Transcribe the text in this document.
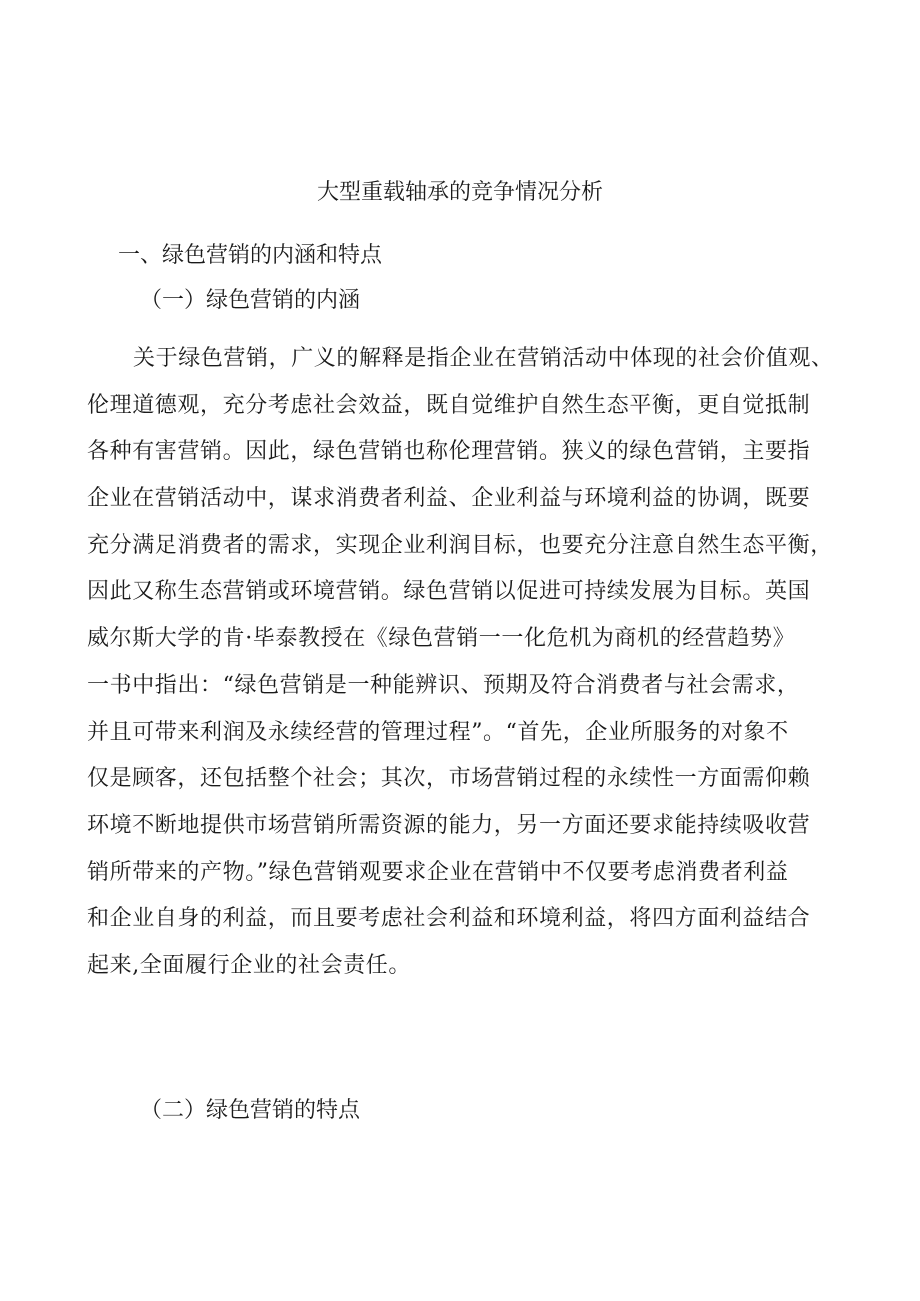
大型重载轴承的竞争情况分析
一、绿色营销的内涵和特点
（一）绿色营销的内涵
关于绿色营销，广义的解释是指企业在营销活动中体现的社会价值观、
伦理道德观，充分考虑社会效益，既自觉维护自然生态平衡，更自觉抵制
各种有害营销。因此，绿色营销也称伦理营销。狭义的绿色营销，主要指
企业在营销活动中，谋求消费者利益、企业利益与环境利益的协调，既要
充分满足消费者的需求，实现企业利润目标，也要充分注意自然生态平衡，
因此又称生态营销或环境营销。绿色营销以促进可持续发展为目标。英国
威尔斯大学的肯·毕泰教授在《绿色营销一一化危机为商机的经营趋势》
一书中指出：“绿色营销是一种能辨识、预期及符合消费者与社会需求，
并且可带来利润及永续经营的管理过程”。“首先，企业所服务的对象不
仅是顾客，还包括整个社会；其次，市场营销过程的永续性一方面需仰赖
环境不断地提供市场营销所需资源的能力，另一方面还要求能持续吸收营
销所带来的产物。”绿色营销观要求企业在营销中不仅要考虑消费者利益
和企业自身的利益，而且要考虑社会利益和环境利益，将四方面利益结合
起来,全面履行企业的社会责任。
（二）绿色营销的特点
